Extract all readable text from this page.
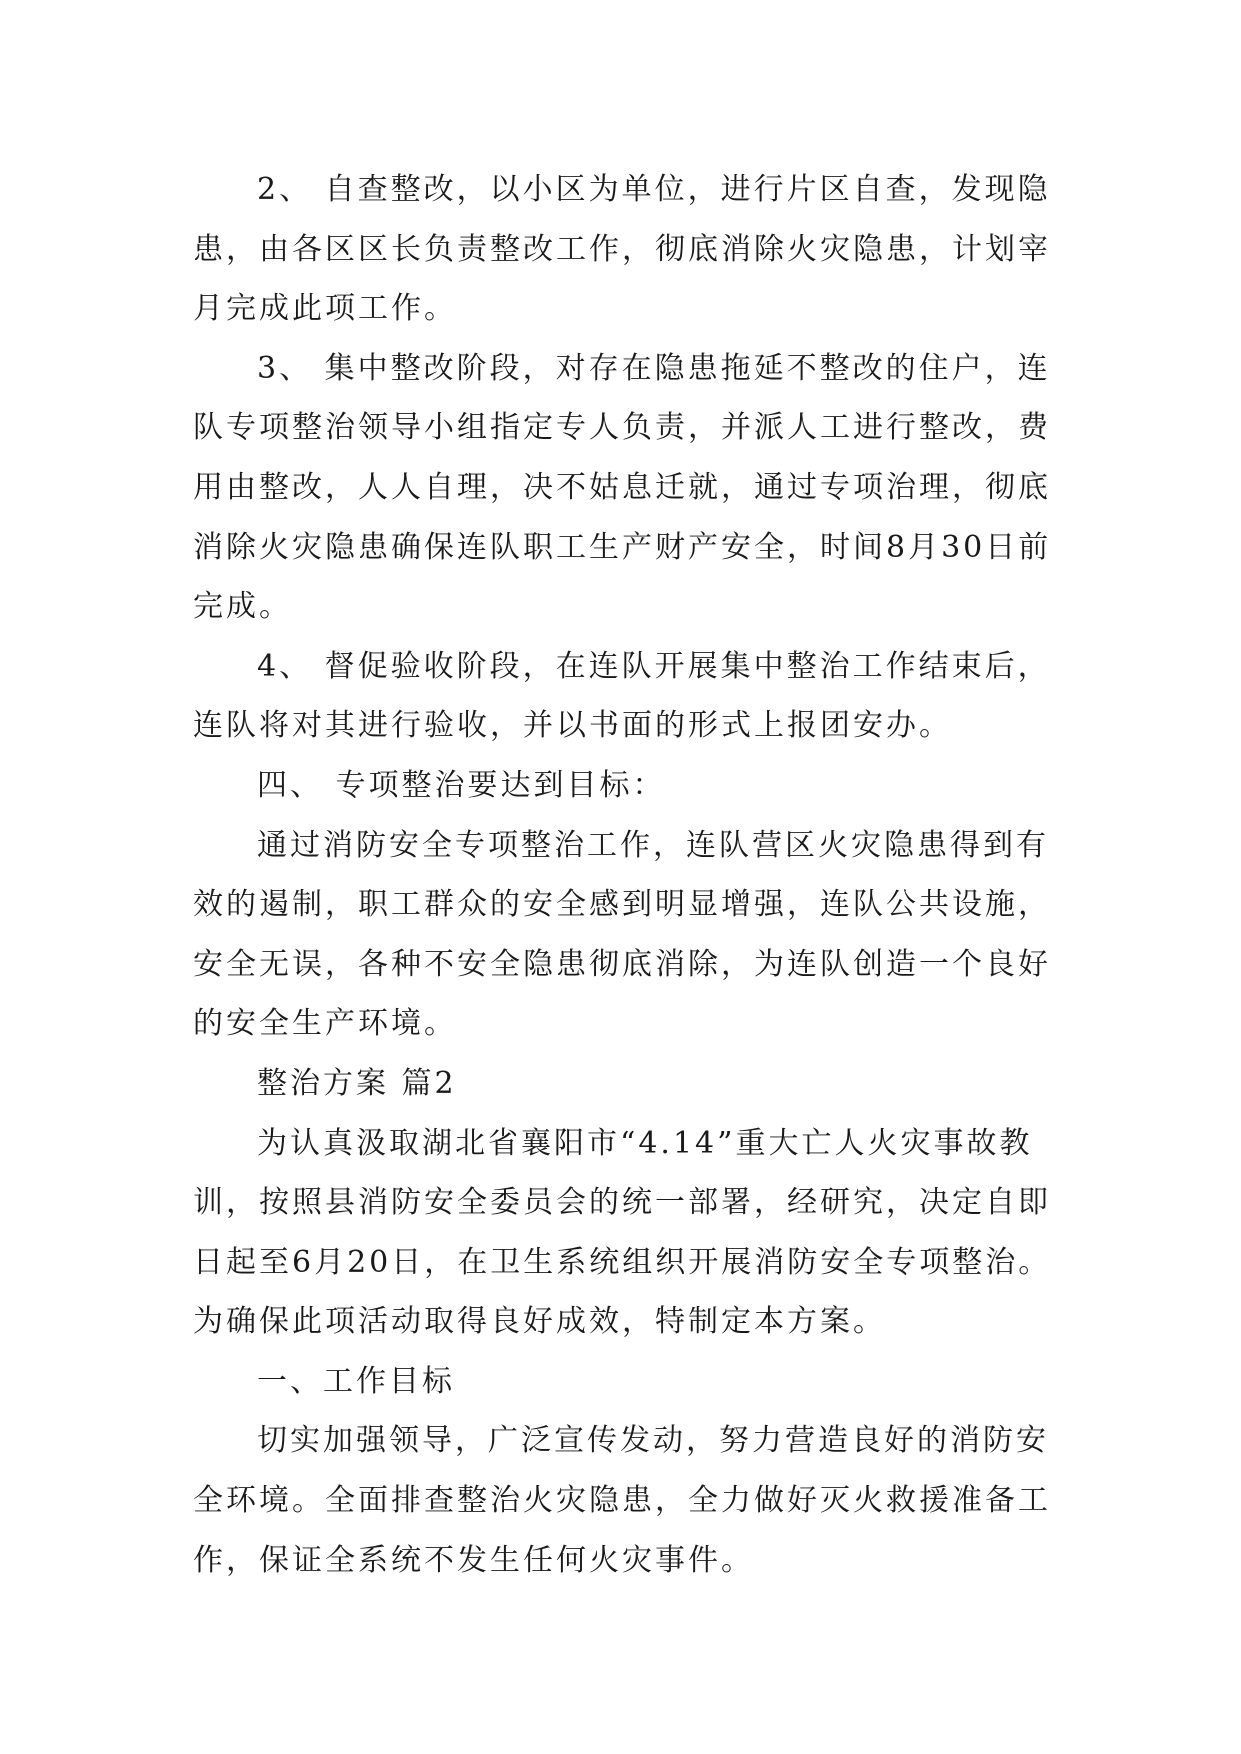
2、 自查整改，以小区为单位，进行片区自查，发现隐患，由各区区长负责整改工作，彻底消除火灾隐患，计划宰月完成此项工作。

3、 集中整改阶段，对存在隐患拖延不整改的住户，连队专项整治领导小组指定专人负责，并派人工进行整改，费用由整改，人人自理，决不姑息迁就，通过专项治理，彻底消除火灾隐患确保连队职工生产财产安全，时间8月30日前完成。

4、 督促验收阶段，在连队开展集中整治工作结束后，连队将对其进行验收，并以书面的形式上报团安办。

四、 专项整治要达到目标：

通过消防安全专项整治工作，连队营区火灾隐患得到有效的遏制，职工群众的安全感到明显增强，连队公共设施，安全无误，各种不安全隐患彻底消除，为连队创造一个良好的安全生产环境。

整治方案 篇2

为认真汲取湖北省襄阳市“4.14”重大亡人火灾事故教训，按照县消防安全委员会的统一部署，经研究，决定自即日起至6月20日，在卫生系统组织开展消防安全专项整治。为确保此项活动取得良好成效，特制定本方案。

一、工作目标

切实加强领导，广泛宣传发动，努力营造良好的消防安全环境。全面排查整治火灾隐患，全力做好灭火救援准备工作，保证全系统不发生任何火灾事件。
